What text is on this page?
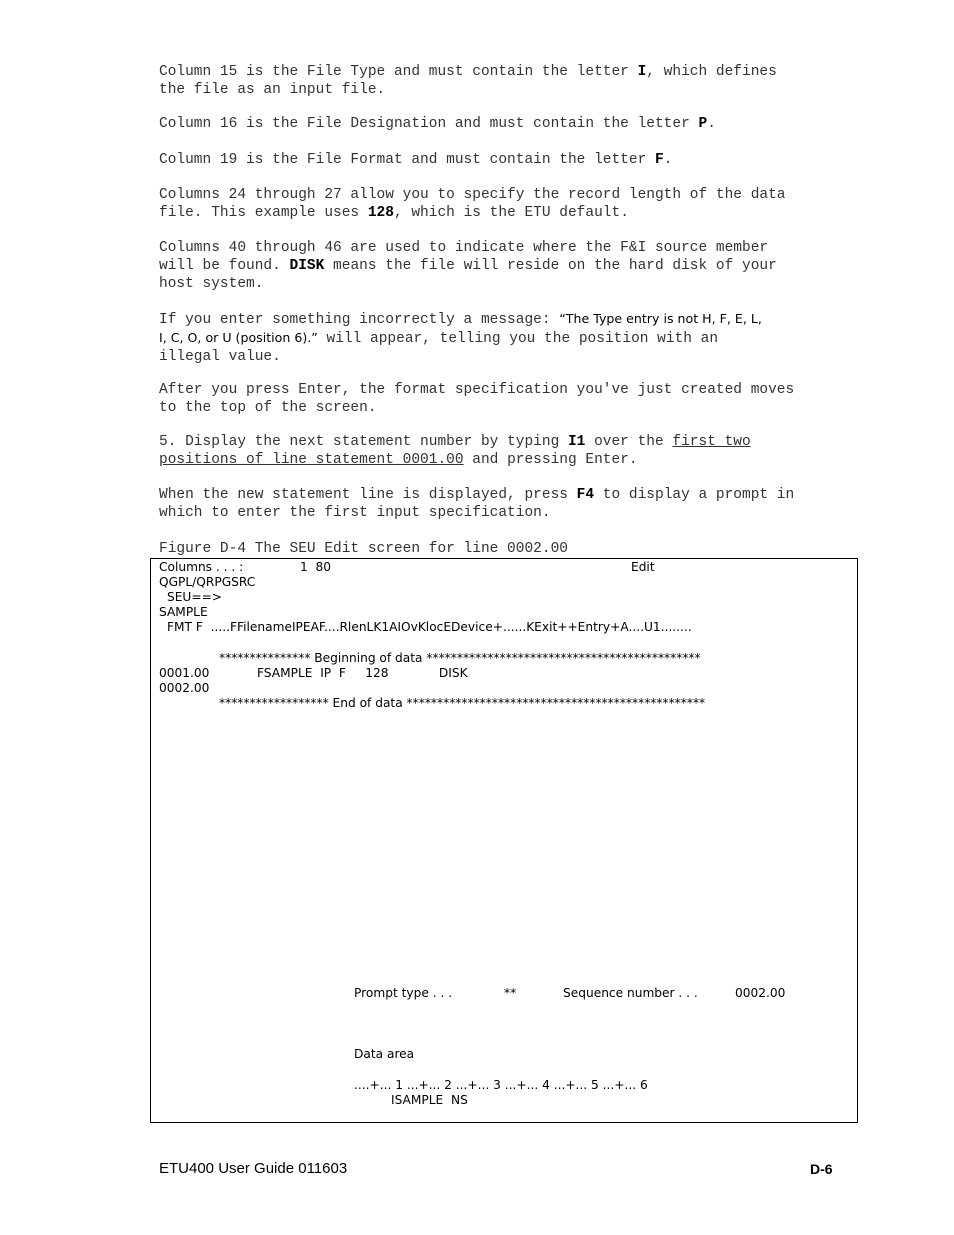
Column 15 is the File Type and must contain the letter I, which defines
the file as an input file.

Column 16 is the File Designation and must contain the letter P.

Column 19 is the File Format and must contain the letter F.

Columns 24 through 27 allow you to specify the record length of the data
file. This example uses 128, which is the ETU default.

Columns 40 through 46 are used to indicate where the F&I source member
will be found. DISK means the file will reside on the hard disk of your
host system.

If you enter something incorrectly a message: “The Type entry is not H, F, E, L,
I, C, O, or U (position 6).” will appear, telling you the position with an
illegal value.

After you press Enter, the format specification you've just created moves
to the top of the screen.

5. Display the next statement number by typing I1 over the first two
positions of line statement 0001.00 and pressing Enter.

When the new statement line is displayed, press F4 to display a prompt in
which to enter the first input specification.

Figure D-4 The SEU Edit screen for line 0002.00

Columns . . . :	1  80	Edit
QGPL/QRPGSRC
SEU==>
SAMPLE
FMT F  .....FFilenameIPEAF....RlenLK1AIOvKlocEDevice+......KExit++Entry+A....U1........
*************** Beginning of data *********************************************
0001.00	FSAMPLE  IP  F     128             DISK
0002.00
****************** End of data *************************************************
Prompt type . . .	**	Sequence number . . .	0002.00
Data area
....+... 1 ...+... 2 ...+... 3 ...+... 4 ...+... 5 ...+... 6
ISAMPLE  NS
ETU400 User Guide 011603	D-6
